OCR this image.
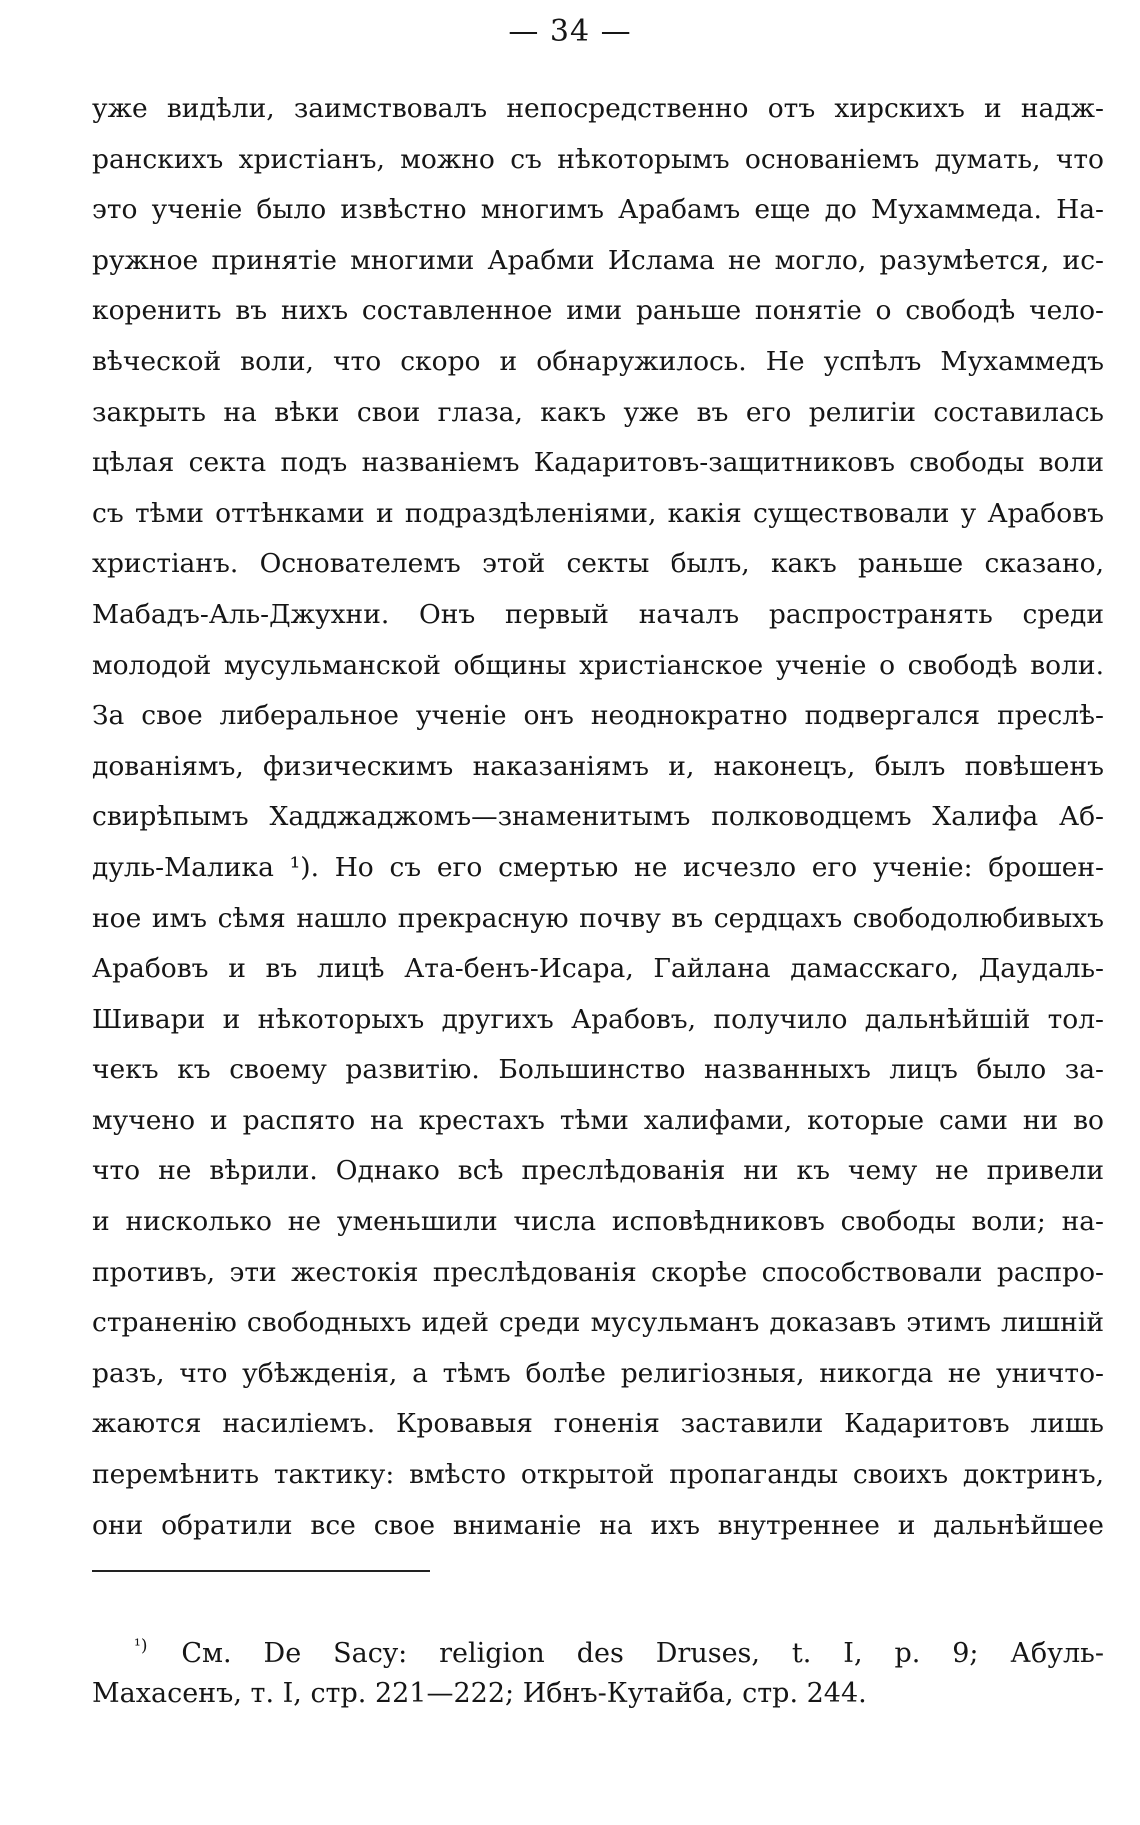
— 34 —
уже видѣли, заимствовалъ непосредственно отъ хирскихъ и надж-
ранскихъ христіанъ, можно съ нѣкоторымъ основаніемъ думать, что
это ученіе было извѣстно многимъ Арабамъ еще до Мухаммеда. На-
ружное принятіе многими Арабми Ислама не могло, разумѣется, ис-
коренить въ нихъ составленное ими раньше понятіе о свободѣ чело-
вѣческой воли, что скоро и обнаружилось. Не успѣлъ Мухаммедъ
закрыть на вѣки свои глаза, какъ уже въ его религіи составилась
цѣлая секта подъ названіемъ Кадаритовъ-защитниковъ свободы воли
съ тѣми оттѣнками и подраздѣленіями, какія существовали у Арабовъ
христіанъ. Основателемъ этой секты былъ, какъ раньше сказано,
Мабадъ-Аль-Джухни. Онъ первый началъ распространять среди
молодой мусульманской общины христіанское ученіе о свободѣ воли.
За свое либеральное ученіе онъ неоднократно подвергался преслѣ-
дованіямъ, физическимъ наказаніямъ и, наконецъ, былъ повѣшенъ
свирѣпымъ Хадджаджомъ—знаменитымъ полководцемъ Халифа Аб-
дуль-Малика ¹). Но съ его смертью не исчезло его ученіе: брошен-
ное имъ сѣмя нашло прекрасную почву въ сердцахъ свободолюбивыхъ
Арабовъ и въ лицѣ Ата-бенъ-Исара, Гайлана дамасскаго, Даудаль-
Шивари и нѣкоторыхъ другихъ Арабовъ, получило дальнѣйшій тол-
чекъ къ своему развитію. Большинство названныхъ лицъ было за-
мучено и распято на крестахъ тѣми халифами, которые сами ни во
что не вѣрили. Однако всѣ преслѣдованія ни къ чему не привели
и нисколько не уменьшили числа исповѣдниковъ свободы воли; на-
противъ, эти жестокія преслѣдованія скорѣе способствовали распро-
страненію свободныхъ идей среди мусульманъ доказавъ этимъ лишній
разъ, что убѣжденія, а тѣмъ болѣе религіозныя, никогда не уничто-
жаются насиліемъ. Кровавыя гоненія заставили Кадаритовъ лишь
перемѣнить тактику: вмѣсто открытой пропаганды своихъ доктринъ,
они обратили все свое вниманіе на ихъ внутреннее и дальнѣйшее
$^{^1)}$ См. De Sacy: religion des Druses, t. I, p. 9; Абуль-
Махасенъ, т. I, стр. 221—222; Ибнъ-Кутайба, стр. 244.
